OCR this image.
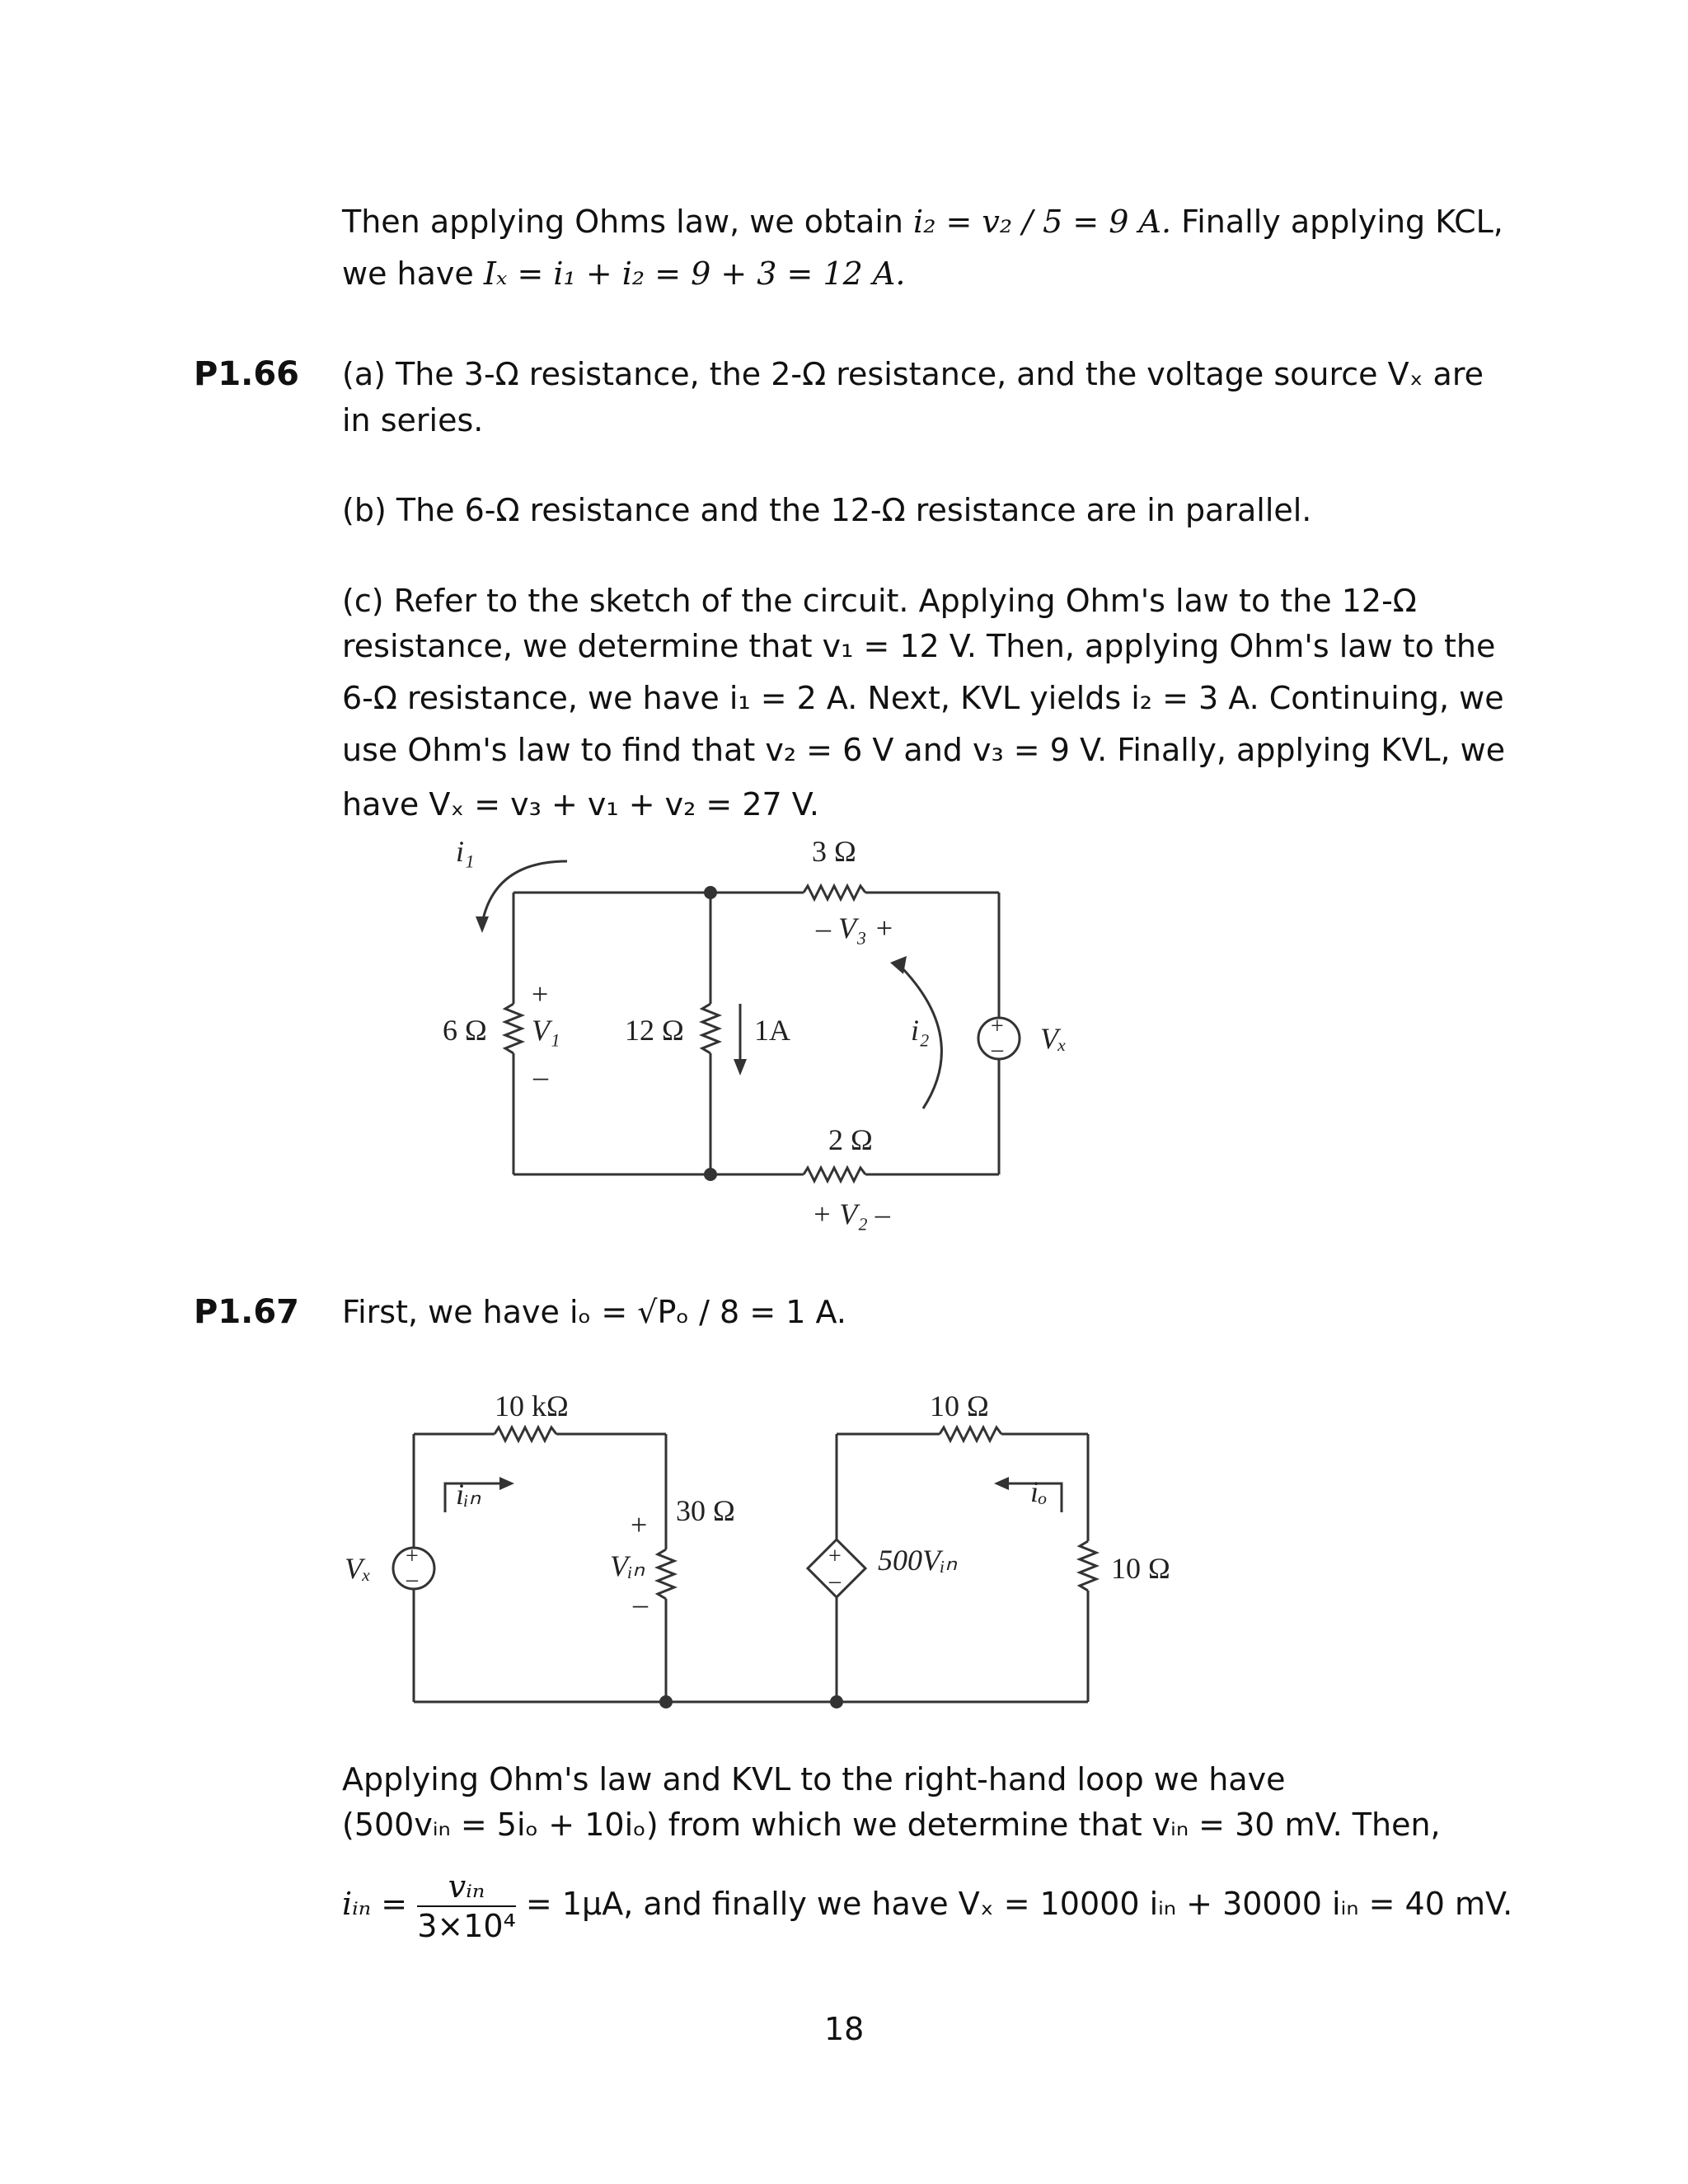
Then applying Ohms law, we obtain i₂ = v₂ / 5 = 9 A. Finally applying KCL,
we have Iₓ = i₁ + i₂ = 9 + 3 = 12 A.
P1.66 (a) The 3-Ω resistance, the 2-Ω resistance, and the voltage source Vₓ are
in series.
(b) The 6-Ω resistance and the 12-Ω resistance are in parallel.
(c) Refer to the sketch of the circuit. Applying Ohm's law to the 12-Ω
resistance, we determine that v₁ = 12 V. Then, applying Ohm's law to the
6-Ω resistance, we have i₁ = 2 A. Next, KVL yields i₂ = 3 A. Continuing, we
use Ohm's law to find that v₂ = 6 V and v₃ = 9 V. Finally, applying KVL, we
have Vₓ = v₃ + v₁ + v₂ = 27 V.
i₁	3 Ω
– V₃ +
6 Ω
+
V₁
–
12 Ω 1A	i₂	+
– Vₓ
2 Ω
+ V₂ –
P1.67 First, we have iₒ = √Pₒ / 8 = 1 A.
10 kΩ
iᵢₙ	30 Ω
+
Vᵢₙ
–
Vₓ +
–
+
–
500Vᵢₙ
10 Ω
iₒ
10 Ω
Applying Ohm's law and KVL to the right-hand loop we have
(500vᵢₙ = 5iₒ + 10iₒ) from which we determine that vᵢₙ = 30 mV. Then,
iᵢₙ = $\frac{\text{vᵢₙ}}{\text{3×10⁴}} = 1\mu A$, and finally we have Vₓ = 10000 iᵢₙ + 30000 iᵢₙ = 40 mV.
18
